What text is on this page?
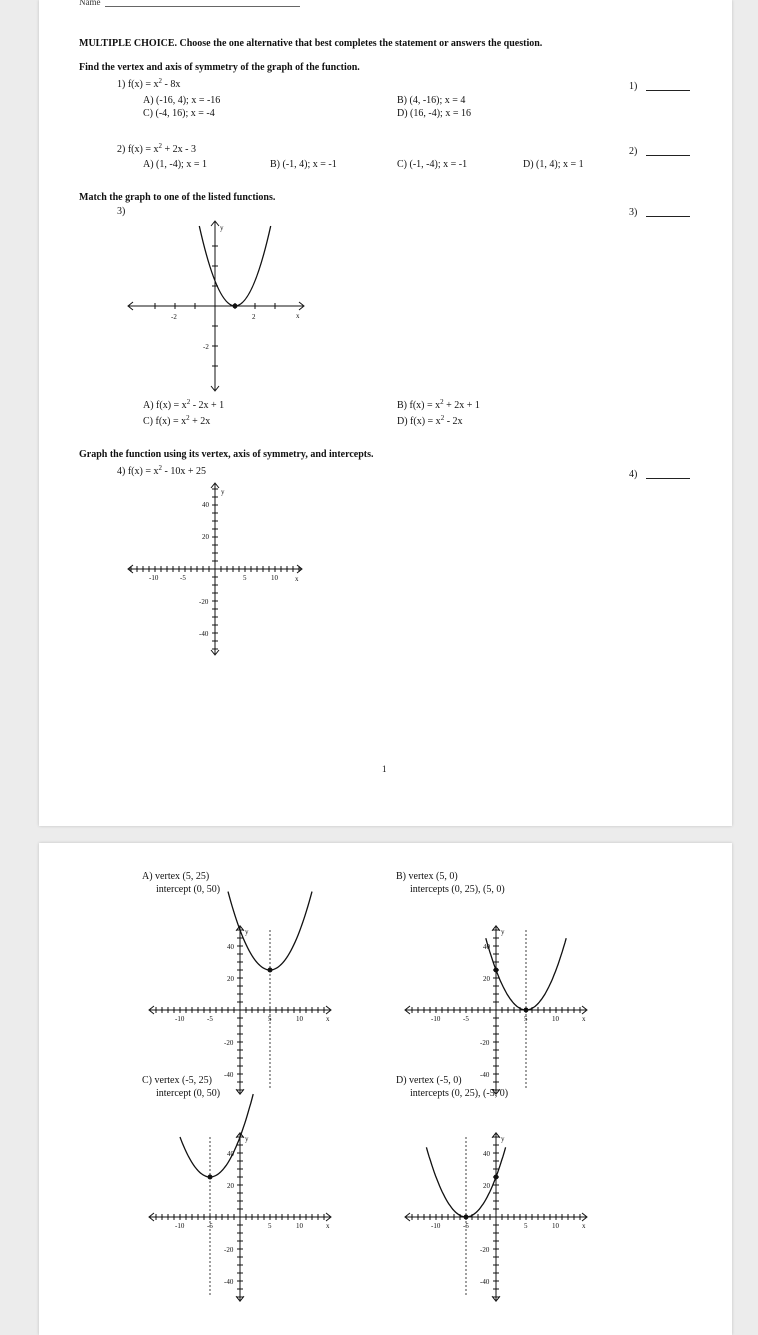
Name
MULTIPLE CHOICE. Choose the one alternative that best completes the statement or answers the question.
Find the vertex and axis of symmetry of the graph of the function.
1) $f(x) = x^2 - 8x$
A) (-16, 4); x = -16	B) (4, -16); x = 4
C) (-4, 16); x = -4	D) (16, -4); x = 16
1)
2) $f(x) = x^2 + 2x - 3$
A) (1, -4); x = 1	B) (-1, 4); x = -1	C) (-1, -4); x = -1	D) (1, 4); x = 1
2)
Match the graph to one of the listed functions.
3)	3)
y
x
-2	2
-2
A) $f(x) = x^2 - 2x + 1$	B) $f(x) = x^2 + 2x + 1$
C) $f(x) = x^2 + 2x$	D) $f(x) = x^2 - 2x$
Graph the function using its vertex, axis of symmetry, and intercepts.
4) $f(x) = x^2 - 10x + 25$	4)
y
x
40
20
-20
-40
-10	-5	5	10
1
A) vertex (5, 25)
intercept (0, 50)
B) vertex (5, 0)
intercepts (0, 25), (5, 0)
C) vertex (-5, 25)
intercept (0, 50)
D) vertex (-5, 0)
intercepts (0, 25), (-5, 0)
y
x
40
20
-20
-40
-10	-5	5	10
y
x
40
20
-20
-40
-10	-5	5	10
y
x
40
20
-20
-40
-10	-5	5	10
y
x
40
20
-20
-40
-10	-5	5	10
